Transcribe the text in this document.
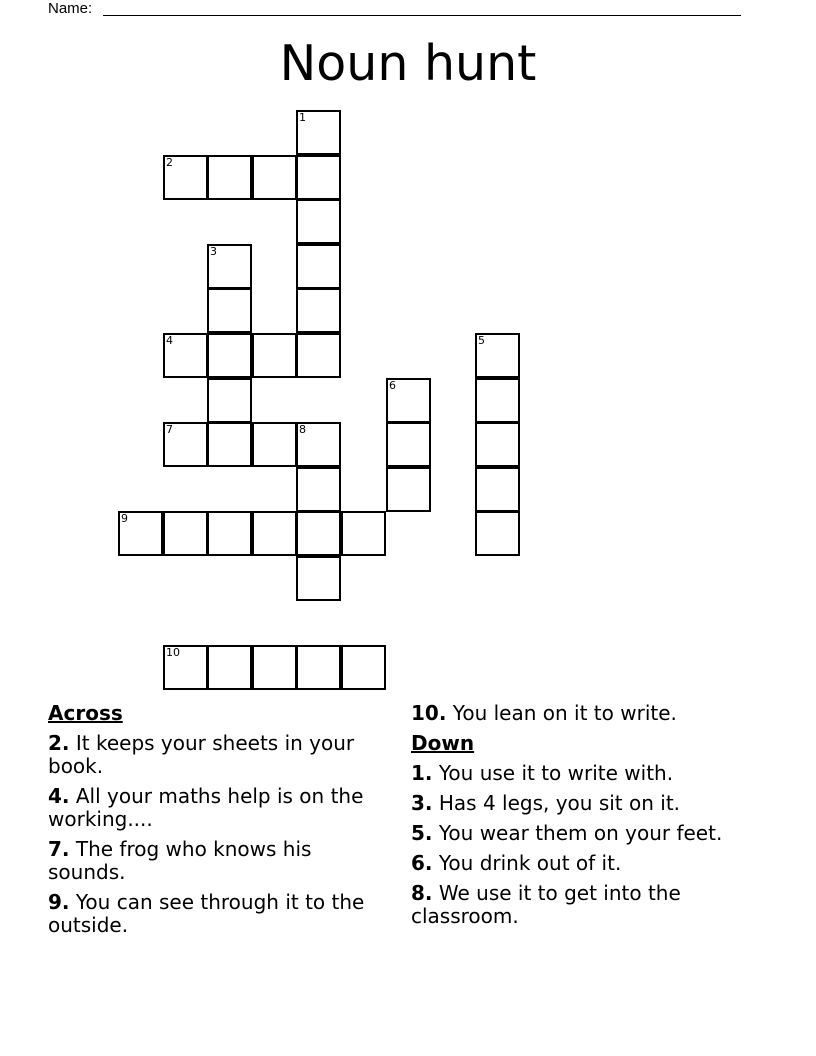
Name:
Noun hunt
1
2
3
4	5
6
7	8
9
10
Across
2. It keeps your sheets in your book.
4. All your maths help is on the working....
7. The frog who knows his sounds.
9. You can see through it to the outside.
10. You lean on it to write.
Down
1. You use it to write with.
3. Has 4 legs, you sit on it.
5. You wear them on your feet.
6. You drink out of it.
8. We use it to get into the classroom.
